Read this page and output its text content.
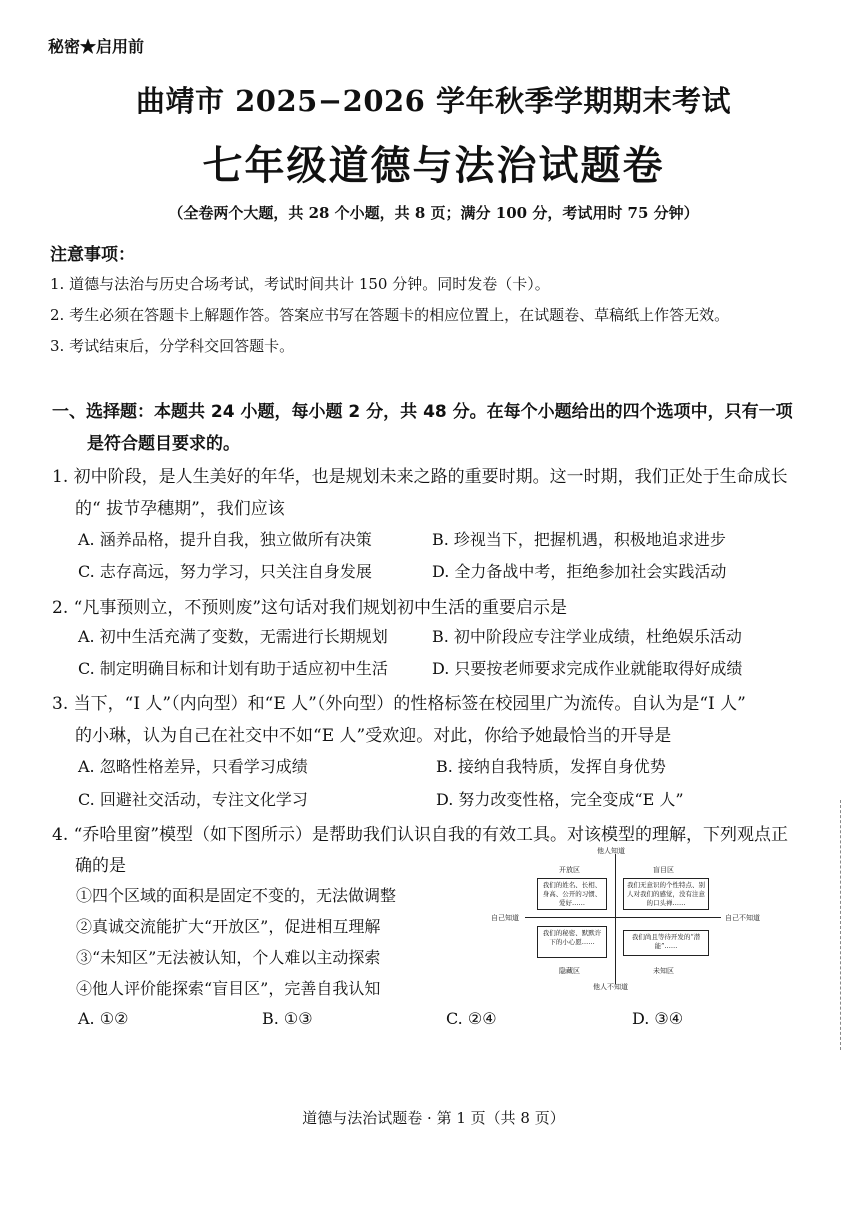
秘密★启用前
曲靖市 2025−2026 学年秋季学期期末考试
七年级道德与法治试题卷
（全卷两个大题，共 28 个小题，共 8 页；满分 100 分，考试用时 75 分钟）
注意事项：
1. 道德与法治与历史合场考试，考试时间共计 150 分钟。同时发卷（卡）。
2. 考生必须在答题卡上解题作答。答案应书写在答题卡的相应位置上，在试题卷、草稿纸上作答无效。
3. 考试结束后，分学科交回答题卡。
一、选择题：本题共 24 小题，每小题 2 分，共 48 分。在每个小题给出的四个选项中，只有一项
是符合题目要求的。
1. 初中阶段，是人生美好的年华，也是规划未来之路的重要时期。这一时期，我们正处于生命成长
的“ 拔节孕穗期”，我们应该
A. 涵养品格，提升自我，独立做所有决策	B. 珍视当下，把握机遇，积极地追求进步
C. 志存高远，努力学习，只关注自身发展	D. 全力备战中考，拒绝参加社会实践活动
2. “凡事预则立，不预则废”这句话对我们规划初中生活的重要启示是
A. 初中生活充满了变数，无需进行长期规划	B. 初中阶段应专注学业成绩，杜绝娱乐活动
C. 制定明确目标和计划有助于适应初中生活	D. 只要按老师要求完成作业就能取得好成绩
3. 当下，“I 人”（内向型）和“E 人”（外向型）的性格标签在校园里广为流传。自认为是“I 人”
的小琳，认为自己在社交中不如“E 人”受欢迎。对此，你给予她最恰当的开导是
A. 忽略性格差异，只看学习成绩	B. 接纳自我特质，发挥自身优势
C. 回避社交活动，专注文化学习	D. 努力改变性格，完全变成“E 人”
4. “乔哈里窗”模型（如下图所示）是帮助我们认识自我的有效工具。对该模型的理解，下列观点正
确的是
①四个区域的面积是固定不变的，无法做调整
②真诚交流能扩大“开放区”，促进相互理解
③“未知区”无法被认知，个人难以主动探索
④他人评价能探索“盲目区”，完善自我认知
A. ①②	B. ①③	C. ②④	D. ③④
他人知道
他人不知道
自己知道	自己不知道
开放区	盲目区
隐藏区	未知区
我们的姓名、长相、身高、公开的习惯、爱好……
我们无意识的个性特点、别人对我们的感觉，没有注意的口头禅……
我们的秘密、默默许下的小心愿……
我们尚且等待开发的“潜能”……
道德与法治试题卷 · 第 1 页（共 8 页）
